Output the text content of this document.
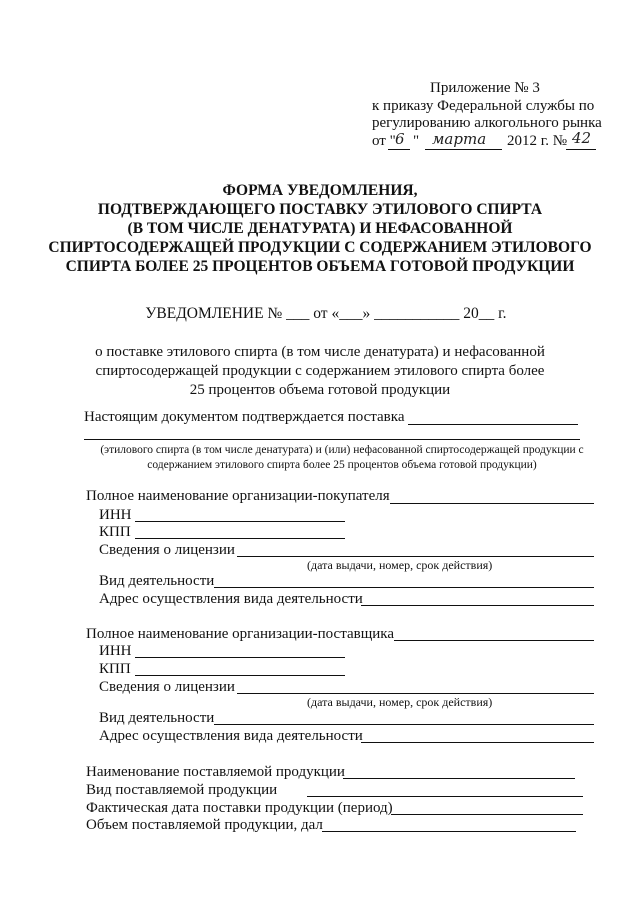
Приложение № 3
к приказу Федеральной службы по
регулированию алкогольного рынка
от " 6 " марта 2012 г. № 42
ФОРМА УВЕДОМЛЕНИЯ,
ПОДТВЕРЖДАЮЩЕГО ПОСТАВКУ ЭТИЛОВОГО СПИРТА
(В ТОМ ЧИСЛЕ ДЕНАТУРАТА) И НЕФАСОВАННОЙ
СПИРТОСОДЕРЖАЩЕЙ ПРОДУКЦИИ С СОДЕРЖАНИЕМ ЭТИЛОВОГО
СПИРТА БОЛЕЕ 25 ПРОЦЕНТОВ ОБЪЕМА ГОТОВОЙ ПРОДУКЦИИ
УВЕДОМЛЕНИЕ № ___ от «___» ___________ 20__ г.
о поставке этилового спирта (в том числе денатурата) и нефасованной
спиртосодержащей продукции с содержанием этилового спирта более
25 процентов объема готовой продукции
Настоящим документом подтверждается поставка
(этилового спирта (в том числе денатурата) и (или) нефасованной спиртосодержащей продукции с
содержанием этилового спирта более 25 процентов объема готовой продукции)
Полное наименование организации-покупателя
ИНН
КПП
Сведения о лицензии
(дата выдачи, номер, срок действия)
Вид деятельности
Адрес осуществления вида деятельности
Полное наименование организации-поставщика
ИНН
КПП
Сведения о лицензии
(дата выдачи, номер, срок действия)
Вид деятельности
Адрес осуществления вида деятельности
Наименование поставляемой продукции
Вид поставляемой продукции
Фактическая дата поставки продукции (период)
Объем поставляемой продукции, дал
